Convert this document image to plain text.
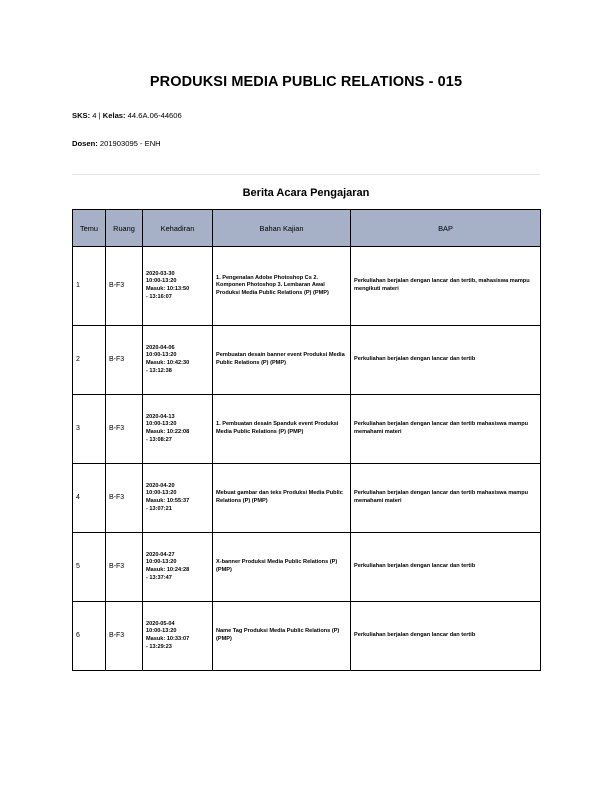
PRODUKSI MEDIA PUBLIC RELATIONS - 015
SKS: 4 | Kelas: 44.6A.06-44606
Dosen: 201903095 - ENH
Berita Acara Pengajaran
Temu	Ruang	Kehadiran	Bahan Kajian	BAP
1	B-F3	2020-03-30
10:00-13:20
Masuk: 10:13:50
- 13:16:07	1. Pengenalan Adobe Photoshop Cs 2. Komponen Photoshop 3. Lembaran Awal Produksi Media Public Relations (P) (PMP)	Perkuliahan berjalan dengan lancar dan tertib, mahasiswa mampu mengikuti materi
2	B-F3	2020-04-06
10:00-13:20
Masuk: 10:42:30
- 13:12:38	Pembuatan desain banner event Produksi Media Public Relations (P) (PMP)	Perkuliahan berjalan dengan lancar dan tertib
3	B-F3	2020-04-13
10:00-13:20
Masuk: 10:22:08
- 13:08:27	1. Pembuatan desain Spanduk event Produksi Media Public Relations (P) (PMP)	Perkuliahan berjalan dengan lancar dan tertib mahasiswa mampu memahami materi
4	B-F3	2020-04-20
10:00-13:20
Masuk: 10:55:37
- 13:07:21	Mebuat gambar dan teks Produksi Media Public Relations (P) (PMP)	Perkuliahan berjalan dengan lancar dan tertib mahasiswa mampu memahami materi
5	B-F3	2020-04-27
10:00-13:20
Masuk: 10:24:28
- 13:37:47	X-banner Produksi Media Public Relations (P) (PMP)	Perkuliahan berjalan dengan lancar dan tertib
6	B-F3	2020-05-04
10:00-13:20
Masuk: 10:33:07
- 13:29:23	Name Tag Produksi Media Public Relations (P) (PMP)	Perkuliahan berjalan dengan lancar dan tertib
